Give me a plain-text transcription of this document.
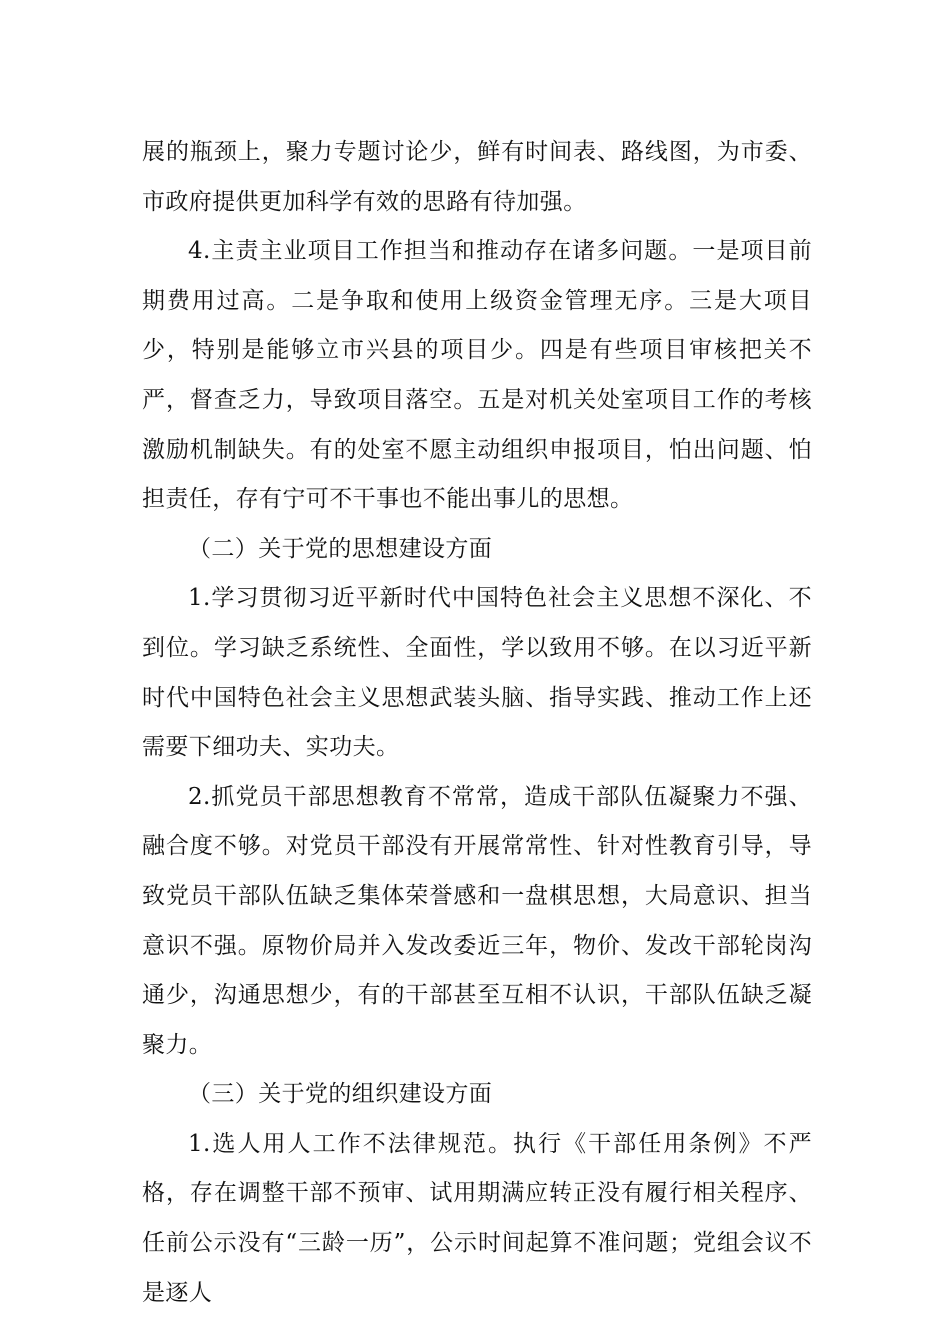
展的瓶颈上，聚力专题讨论少，鲜有时间表、路线图，为市委、市政府提供更加科学有效的思路有待加强。

4.主责主业项目工作担当和推动存在诸多问题。一是项目前期费用过高。二是争取和使用上级资金管理无序。三是大项目少，特别是能够立市兴县的项目少。四是有些项目审核把关不严，督查乏力，导致项目落空。五是对机关处室项目工作的考核激励机制缺失。有的处室不愿主动组织申报项目，怕出问题、怕担责任，存有宁可不干事也不能出事儿的思想。

（二）关于党的思想建设方面

1.学习贯彻习近平新时代中国特色社会主义思想不深化、不到位。学习缺乏系统性、全面性，学以致用不够。在以习近平新时代中国特色社会主义思想武装头脑、指导实践、推动工作上还需要下细功夫、实功夫。

2.抓党员干部思想教育不常常，造成干部队伍凝聚力不强、融合度不够。对党员干部没有开展常常性、针对性教育引导，导致党员干部队伍缺乏集体荣誉感和一盘棋思想，大局意识、担当意识不强。原物价局并入发改委近三年，物价、发改干部轮岗沟通少，沟通思想少，有的干部甚至互相不认识，干部队伍缺乏凝聚力。

（三）关于党的组织建设方面

1.选人用人工作不法律规范。执行《干部任用条例》不严格，存在调整干部不预审、试用期满应转正没有履行相关程序、任前公示没有“三龄一历”，公示时间起算不准问题；党组会议不是逐人
